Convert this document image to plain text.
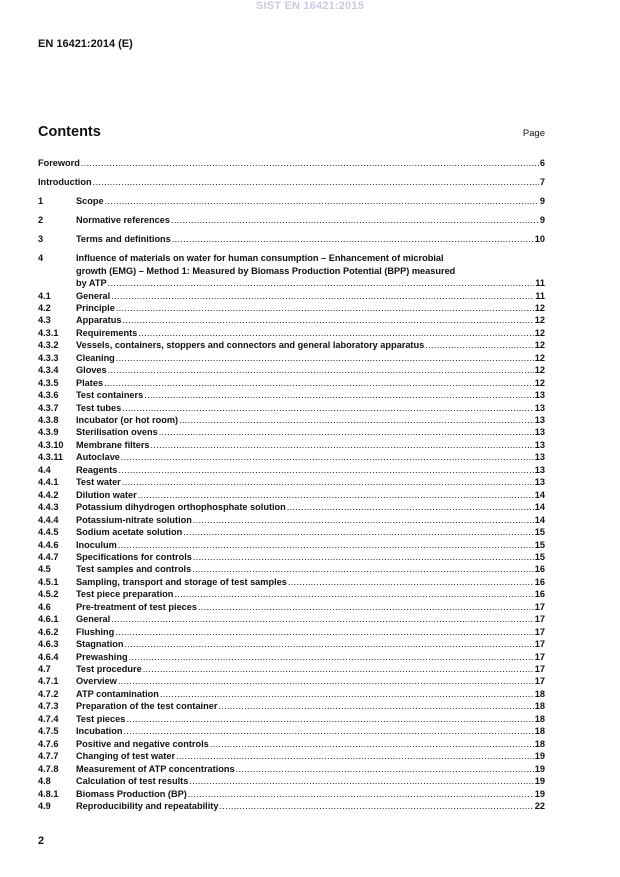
SIST EN 16421:2015
EN 16421:2014 (E)
Contents	Page
Foreword .....	6
Introduction .....	7
1	Scope .....	9
2	Normative references .....	9
3	Terms and definitions .....	10
4	Influence of materials on water for human consumption – Enhancement of microbial
growth (EMG) – Method 1: Measured by Biomass Production Potential (BPP) measured
by ATP .....	11
4.1	General .....	11
4.2	Principle .....	12
4.3	Apparatus .....	12
4.3.1	Requirements .....	12
4.3.2	Vessels, containers, stoppers and connectors and general laboratory apparatus .....	12
4.3.3	Cleaning .....	12
4.3.4	Gloves .....	12
4.3.5	Plates .....	12
4.3.6	Test containers .....	13
4.3.7	Test tubes .....	13
4.3.8	Incubator (or hot room) .....	13
4.3.9	Sterilisation ovens .....	13
4.3.10	Membrane filters .....	13
4.3.11	Autoclave .....	13
4.4	Reagents .....	13
4.4.1	Test water .....	13
4.4.2	Dilution water .....	14
4.4.3	Potassium dihydrogen orthophosphate solution .....	14
4.4.4	Potassium-nitrate solution .....	14
4.4.5	Sodium acetate solution .....	15
4.4.6	Inoculum .....	15
4.4.7	Specifications for controls .....	15
4.5	Test samples and controls .....	16
4.5.1	Sampling, transport and storage of test samples .....	16
4.5.2	Test piece preparation .....	16
4.6	Pre-treatment of test pieces .....	17
4.6.1	General .....	17
4.6.2	Flushing .....	17
4.6.3	Stagnation .....	17
4.6.4	Prewashing .....	17
4.7	Test procedure .....	17
4.7.1	Overview .....	17
4.7.2	ATP contamination .....	18
4.7.3	Preparation of the test container .....	18
4.7.4	Test pieces .....	18
4.7.5	Incubation .....	18
4.7.6	Positive and negative controls .....	18
4.7.7	Changing of test water .....	19
4.7.8	Measurement of ATP concentrations .....	19
4.8	Calculation of test results .....	19
4.8.1	Biomass Production (BP) .....	19
4.9	Reproducibility and repeatability .....	22
2
